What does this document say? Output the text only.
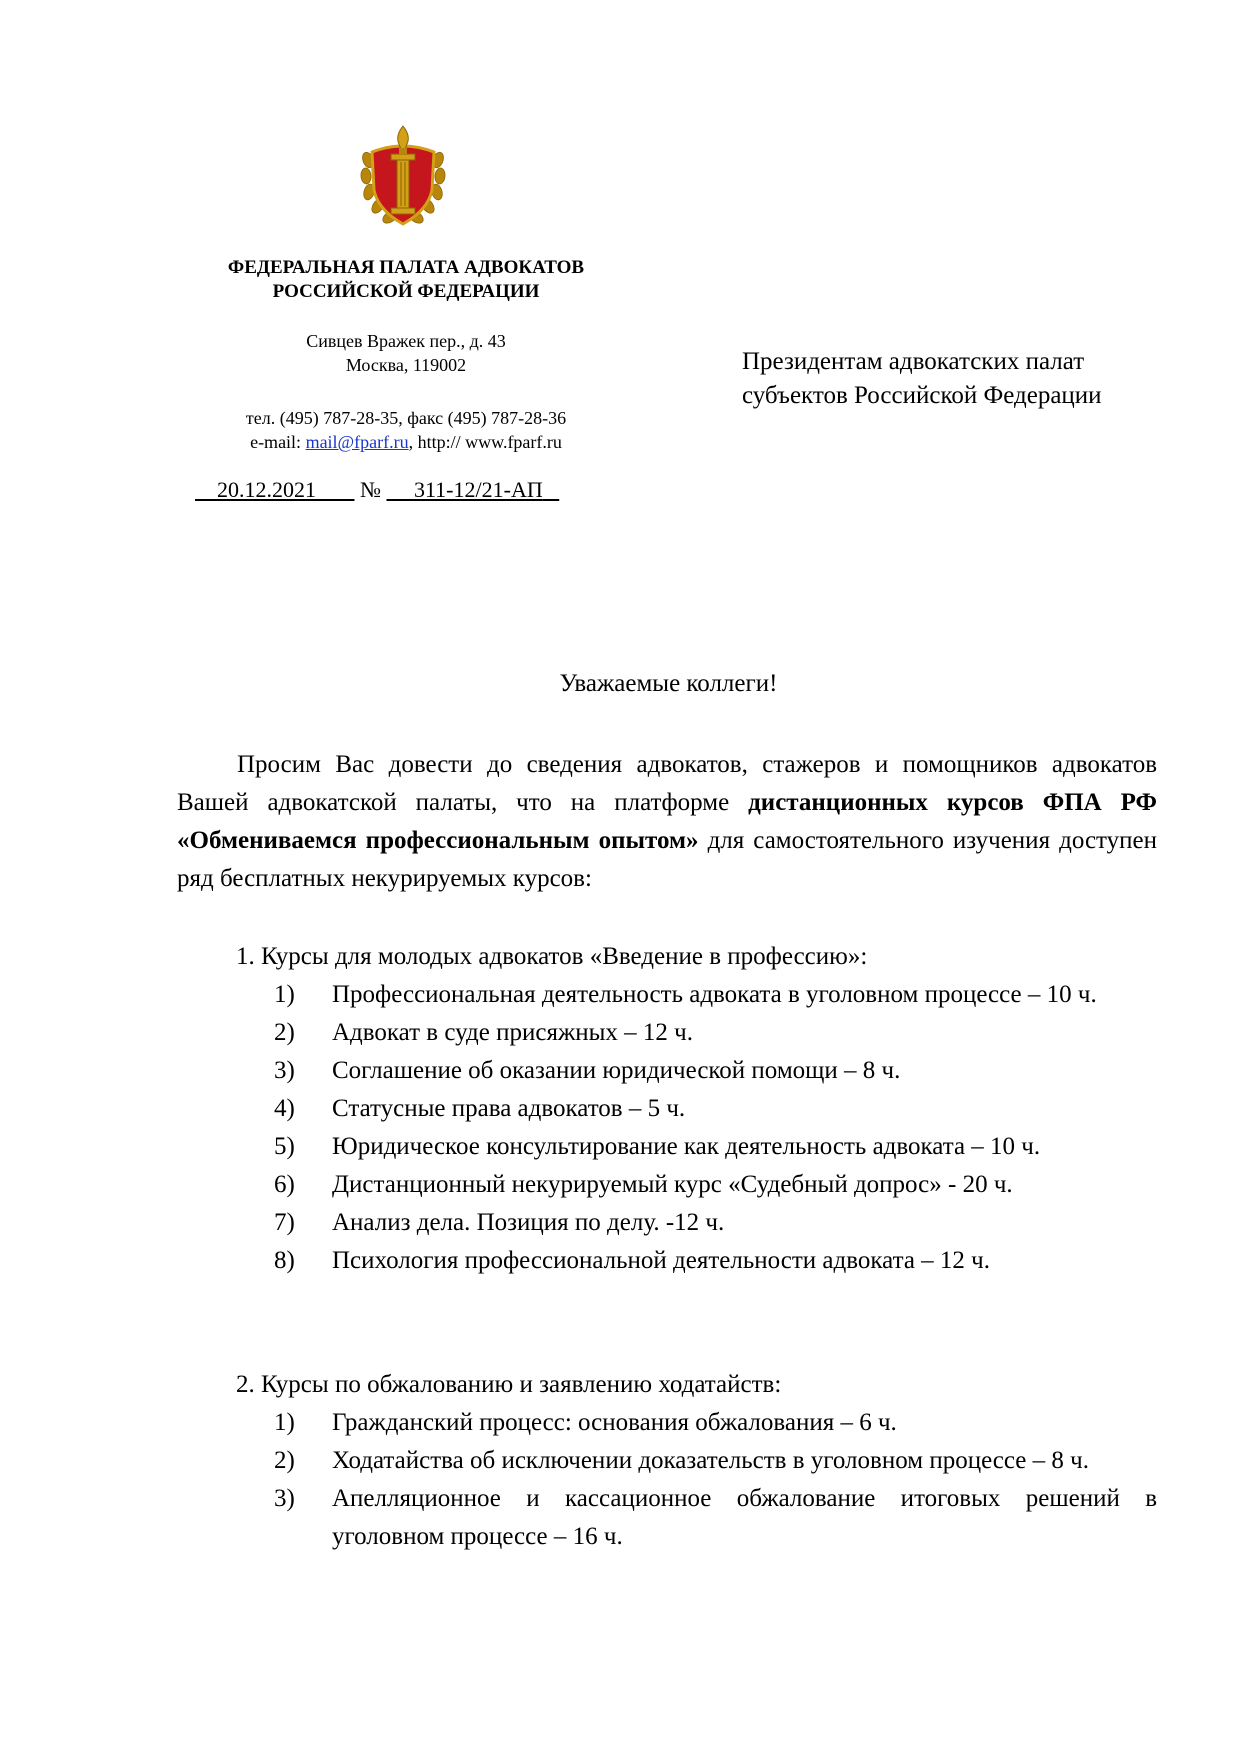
ФЕДЕРАЛЬНАЯ ПАЛАТА АДВОКАТОВ

РОССИЙСКОЙ ФЕДЕРАЦИИ

Сивцев Вражек пер., д. 43
Москва, 119002
тел. (495) 787-28-35, факс (495) 787-28-36
e-mail: mail@fparf.ru, http:// www.fparf.ru
20.12.2021 № 311-12/21-АП
Президентам адвокатских палат
субъектов Российской Федерации
Уважаемые коллеги!

Просим Вас довести до сведения адвокатов, стажеров и помощников адвокатов Вашей адвокатской палаты, что на платформе дистанционных курсов ФПА РФ «Обмениваемся профессиональным опытом» для самостоятельного изучения доступен ряд бесплатных некурируемых курсов:

1. Курсы для молодых адвокатов «Введение в профессию»:
1)	Профессиональная деятельность адвоката в уголовном процессе – 10 ч.
2)	Адвокат в суде присяжных – 12 ч.
3)	Соглашение об оказании юридической помощи – 8 ч.
4)	Статусные права адвокатов – 5 ч.
5)	Юридическое консультирование как деятельность адвоката – 10 ч.
6)	Дистанционный некурируемый курс «Судебный допрос» - 20 ч.
7)	Анализ дела. Позиция по делу. -12 ч.
8)	Психология профессиональной деятельности адвоката – 12 ч.
2. Курсы по обжалованию и заявлению ходатайств:
1)	Гражданский процесс: основания обжалования – 6 ч.
2)	Ходатайства об исключении доказательств в уголовном процессе – 8 ч.
3)	Апелляционное и кассационное обжалование итоговых решений в уголовном процессе – 16 ч.
